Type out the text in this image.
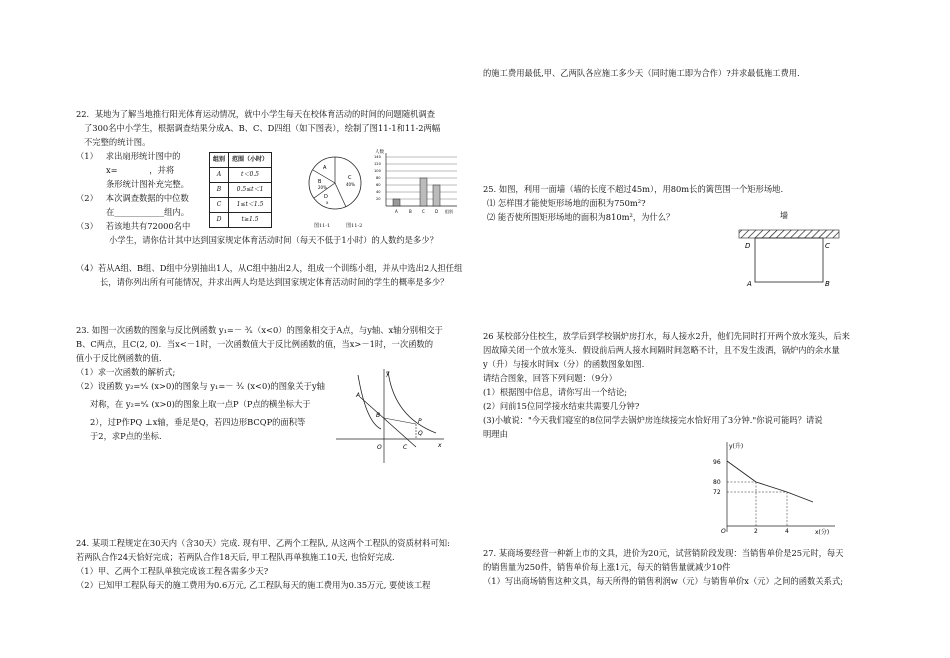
22．某地为了解当地推行阳光体育运动情况，就中小学生每天在校体育活动的时间的问题随机调查
了300名中小学生，根据调查结果分成A、B、C、D四组（如下图表），绘制了图11-1和11-2两幅
不完整的统计图。
（1） 求出扇形统计图中的
x=	，并将
条形统计图补充完整。
（2） 本次调查数据的中位数
在____________组内。
（3） 若该地共有72000名中
组别	范围（小时）
A	t＜0.5
B	0.5≤t＜1
C	1≤t＜1.5
D	t≥1.5
A
B
20%
C
40%
D
x
人数
140
120
100
80
60
40
20
A	B	C	D 组别
图11-1          图11-2
小学生，请你估计其中达到国家规定体育活动时间（每天不低于1小时）的人数约是多少？
（4）若从A组、B组、D组中分别抽出1人，从C组中抽出2人，组成一个训练小组，并从中选出2人担任组长，请你列出所有可能情况，并求出两人均是达到国家规定体育活动时间的学生的概率是多少？
23. 如图一次函数的图象与反比例函数 y₁=－ ³⁄ₓ（x<0）的图象相交于A点，与y轴、x轴分别相交于
B、C两点，且C(2, 0)．当x<－1时，一次函数值大于反比例函数的值，当x>－1时，一次函数的
值小于反比例函数的值．
（1）求一次函数的解析式;
（2）设函数 y₂=ᵃ⁄ₓ (x>0)的图象与 y₁=－ ³⁄ₓ (x<0)的图象关于y轴
对称，在 y₂=ᵃ⁄ₓ (x>0)的图象上取一点P（P点的横坐标大于
2），过P作PQ ⊥x轴，垂足是Q，若四边形BCQP的面积等
于2，求P点的坐标.
y
x
A
B
P
O	C
Q
24. 某项工程规定在30天内（含30天）完成. 现有甲、乙两个工程队, 从这两个工程队的资质材料可知:
若两队合作24天恰好完成；若两队合作18天后, 甲工程队再单独施工10天, 也恰好完成.
（1）甲、乙两个工程队单独完成该工程各需多少天?
（2）已知甲工程队每天的施工费用为0.6万元, 乙工程队每天的施工费用为0.35万元, 要使该工程
的施工费用最低,甲、乙两队各应施工多少天（同时施工即为合作）?并求最低施工费用.
25. 如图，利用一面墙（墙的长度不超过45m），用80m长的篱笆围一个矩形场地.
⑴ 怎样围才能使矩形场地的面积为750m²?
⑵ 能否使所围矩形场地的面积为810m²，为什么？	墙
D	C
A	B
26 某校部分住校生，放学后到学校锅炉房打水，每人接水2升，他们先同时打开两个放水笼头，后来
因故障关闭一个放水笼头．假设前后两人接水间隔时间忽略不计，且不发生泼洒，锅炉内的余水量
y（升）与接水时间x（分）的函数图象如图．
请结合图象，回答下列问题：（9分）
(1）根据图中信息，请你写出一个结论;
(2）问前15位同学接水结束共需要几分钟?
(3)小敏说："今天我们寝室的8位同学去锅炉房连续接完水恰好用了3分钟."你说可能吗？请说
明理由
y(升)
x(分)
O
96
80
72
2	4
27. 某商场要经营一种新上市的文具，进价为20元，试营销阶段发现：当销售单价是25元时，每天
的销售量为250件，销售单价每上涨1元，每天的销售量就减少10件
（1）写出商场销售这种文具，每天所得的销售利润w（元）与销售单价x（元）之间的函数关系式;
